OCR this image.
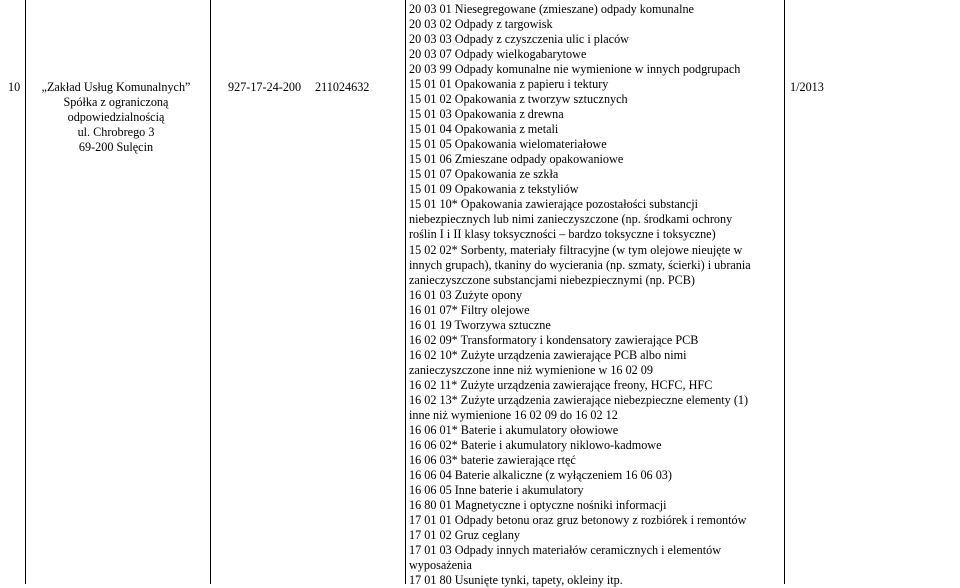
10	„Zakład Usług Komunalnych”
Spółka z ograniczoną
odpowiedzialnością
ul. Chrobrego 3
69-200 Sulęcin
927-17-24-200 211024632
20 03 01 Niesegregowane (zmieszane) odpady komunalne
20 03 02 Odpady z targowisk
20 03 03 Odpady z czyszczenia ulic i placów
20 03 07 Odpady wielkogabarytowe
20 03 99 Odpady komunalne nie wymienione w innych podgrupach
15 01 01 Opakowania z papieru i tektury
15 01 02 Opakowania z tworzyw sztucznych
15 01 03 Opakowania z drewna
15 01 04 Opakowania z metali
15 01 05 Opakowania wielomateriałowe
15 01 06 Zmieszane odpady opakowaniowe
15 01 07 Opakowania ze szkła
15 01 09 Opakowania z tekstyliów
15 01 10* Opakowania zawierające pozostałości substancji
niebezpiecznych lub nimi zanieczyszczone (np. środkami ochrony
roślin I i II klasy toksyczności – bardzo toksyczne i toksyczne)
15 02 02* Sorbenty, materiały filtracyjne (w tym olejowe nieujęte w
innych grupach), tkaniny do wycierania (np. szmaty, ścierki) i ubrania
zanieczyszczone substancjami niebezpiecznymi (np. PCB)
16 01 03 Zużyte opony
16 01 07* Filtry olejowe
16 01 19 Tworzywa sztuczne
16 02 09* Transformatory i kondensatory zawierające PCB
16 02 10* Zużyte urządzenia zawierające PCB albo nimi
zanieczyszczone inne niż wymienione w 16 02 09
16 02 11* Zużyte urządzenia zawierające freony, HCFC, HFC
16 02 13* Zużyte urządzenia zawierające niebezpieczne elementy (1)
inne niż wymienione 16 02 09 do 16 02 12
16 06 01* Baterie i akumulatory ołowiowe
16 06 02* Baterie i akumulatory niklowo-kadmowe
16 06 03* baterie zawierające rtęć
16 06 04 Baterie alkaliczne (z wyłączeniem 16 06 03)
16 06 05 Inne baterie i akumulatory
16 80 01 Magnetyczne i optyczne nośniki informacji
17 01 01 Odpady betonu oraz gruz betonowy z rozbiórek i remontów
17 01 02 Gruz ceglany
17 01 03 Odpady innych materiałów ceramicznych i elementów
wyposażenia
17 01 80 Usunięte tynki, tapety, okleiny itp.
1/2013
